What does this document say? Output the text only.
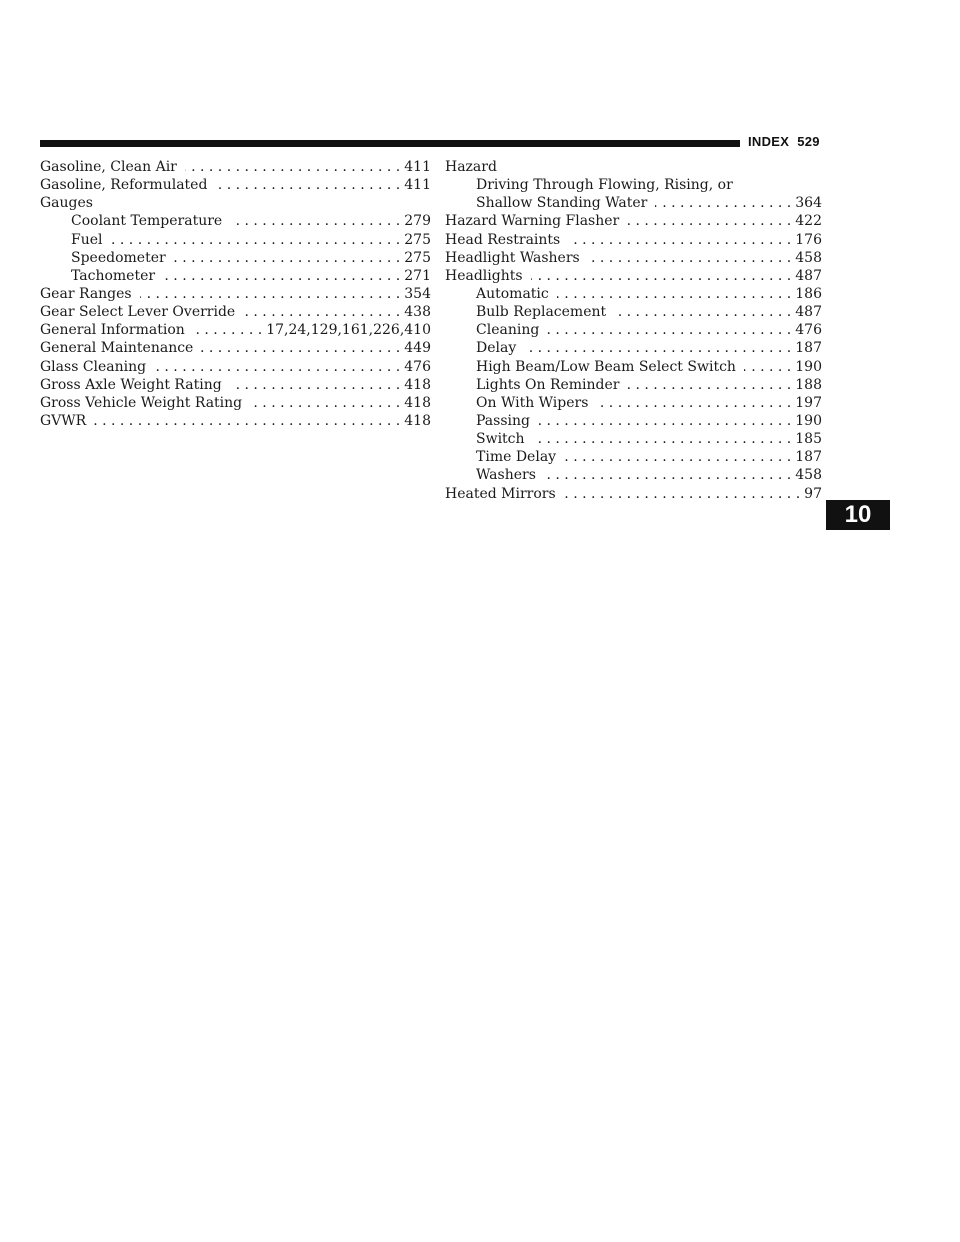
INDEX 529
Gasoline, Clean Air . . .	411
Gasoline, Reformulated . . .	411
Gauges
Coolant Temperature . . .	279
Fuel . . .	275
Speedometer . . .	275
Tachometer . . .	271
Gear Ranges . . .	354
Gear Select Lever Override . . .	438
General Information . . .	17,24,129,161,226,410
General Maintenance . . .	449
Glass Cleaning . . .	476
Gross Axle Weight Rating . . .	418
Gross Vehicle Weight Rating . . .	418
GVWR . . .	418
Hazard
Driving Through Flowing, Rising, or
Shallow Standing Water . . .	364
Hazard Warning Flasher . . .	422
Head Restraints . . .	176
Headlight Washers . . .	458
Headlights . . .	487
Automatic . . .	186
Bulb Replacement . . .	487
Cleaning . . .	476
Delay . . .	187
High Beam/Low Beam Select Switch . . .	190
Lights On Reminder . . .	188
On With Wipers . . .	197
Passing . . .	190
Switch . . .	185
Time Delay . . .	187
Washers . . .	458
Heated Mirrors . . .	97
10
